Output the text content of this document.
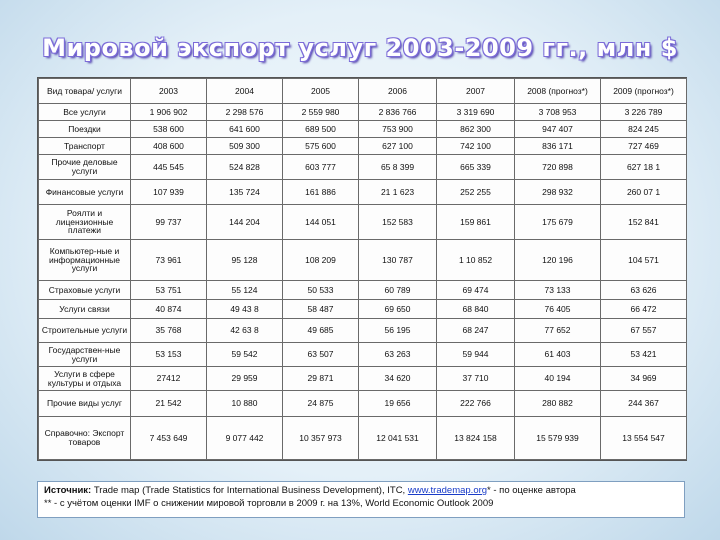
Мировой экспорт услуг 2003-2009 гг., млн $
Вид товара/ услуги	2003	2004	2005	2006	2007	2008 (прогноз*)	2009 (прогноз*)
Все услуги	1 906 902	2 298 576	2 559 980	2 836 766	3 319 690	3 708 953	3 226 789
Поездки	538 600	641 600	689 500	753 900	862 300	947 407	824 245
Транспорт	408 600	509 300	575 600	627 100	742 100	836 171	727 469
Прочие деловые услуги	445 545	524 828	603 777	65 8 399	665 339	720 898	627 18 1
Финансовые услуги	107 939	135 724	161 886	21 1 623	252 255	298 932	260 07 1
Роялти и лицензионные платежи	99 737	144 204	144 051	152 583	159 861	175 679	152 841
Компьютер-ные и информационные услуги	73 961	95 128	108 209	130 787	1 10 852	120 196	104 571
Страховые услуги	53 751	55 124	50 533	60 789	69 474	73 133	63 626
Услуги связи	40 874	49 43 8	58 487	69 650	68 840	76 405	66 472
Строительные услуги	35 768	42 63 8	49 685	56 195	68 247	77 652	67 557
Государствен-ные услуги	53 153	59 542	63 507	63 263	59 944	61 403	53 421
Услуги в сфере культуры и отдыха	27412	29 959	29 871	34 620	37 710	40 194	34 969
Прочие виды услуг	21 542	10 880	24 875	19 656	222 766	280 882	244 367
Справочно: Экспорт товаров	7 453 649	9 077 442	10 357 973	12 041 531	13 824 158	15 579 939	13 554 547
Источник: Trade map (Trade Statistics for International Business Development), ITC, www.trademap.org* - по оценке автора
** - с учётом оценки IMF о снижении мировой торговли в 2009 г. на 13%, World Economic Outlook 2009
